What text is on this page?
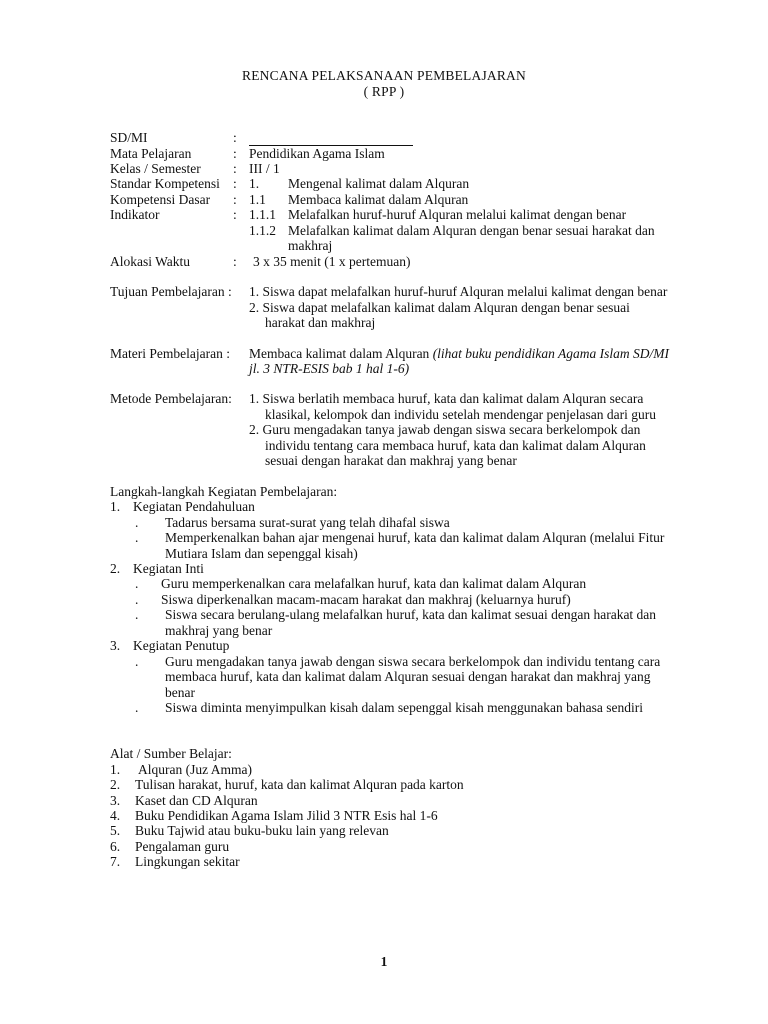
RENCANA PELAKSANAAN PEMBELAJARAN
( RPP )
SD/MI	:
Mata Pelajaran	: Pendidikan Agama Islam
Kelas / Semester : III / 1
Standar Kompetensi : 1. Mengenal kalimat dalam Alquran
Kompetensi Dasar : 1.1 Membaca kalimat dalam Alquran
Indikator	: 1.1.1 Melafalkan huruf-huruf Alquran melalui kalimat dengan benar
1.1.2 Melafalkan kalimat dalam Alquran dengan benar sesuai harakat dan
makhraj
Alokasi Waktu	: 3 x 35 menit (1 x pertemuan)
Tujuan Pembelajaran : 1. Siswa dapat melafalkan huruf-huruf Alquran melalui kalimat dengan benar
2. Siswa dapat melafalkan kalimat dalam Alquran dengan benar sesuai
harakat dan makhraj
Materi Pembelajaran : Membaca kalimat dalam Alquran (lihat buku pendidikan Agama Islam SD/MI
jl. 3 NTR-ESIS bab 1 hal 1-6)
Metode Pembelajaran: 1. Siswa berlatih membaca huruf, kata dan kalimat dalam Alquran secara
klasikal, kelompok dan individu setelah mendengar penjelasan dari guru
2. Guru mengadakan tanya jawab dengan siswa secara berkelompok dan
individu tentang cara membaca huruf, kata dan kalimat dalam Alquran
sesuai dengan harakat dan makhraj yang benar
Langkah-langkah Kegiatan Pembelajaran:
1. Kegiatan Pendahuluan
. Tadarus bersama surat-surat yang telah dihafal siswa
. Memperkenalkan bahan ajar mengenai huruf, kata dan kalimat dalam Alquran (melalui Fitur
Mutiara Islam dan sepenggal kisah)
2. Kegiatan Inti
. Guru memperkenalkan cara melafalkan huruf, kata dan kalimat dalam Alquran
. Siswa diperkenalkan macam-macam harakat dan makhraj (keluarnya huruf)
. Siswa secara berulang-ulang melafalkan huruf, kata dan kalimat sesuai dengan harakat dan
makhraj yang benar
3. Kegiatan Penutup
. Guru mengadakan tanya jawab dengan siswa secara berkelompok dan individu tentang cara
membaca huruf, kata dan kalimat dalam Alquran sesuai dengan harakat dan makhraj yang
benar
. Siswa diminta menyimpulkan kisah dalam sepenggal kisah menggunakan bahasa sendiri
Alat / Sumber Belajar:
1. Alquran (Juz Amma)
2. Tulisan harakat, huruf, kata dan kalimat Alquran pada karton
3. Kaset dan CD Alquran
4. Buku Pendidikan Agama Islam Jilid 3 NTR Esis hal 1-6
5. Buku Tajwid atau buku-buku lain yang relevan
6. Pengalaman guru
7. Lingkungan sekitar
1
